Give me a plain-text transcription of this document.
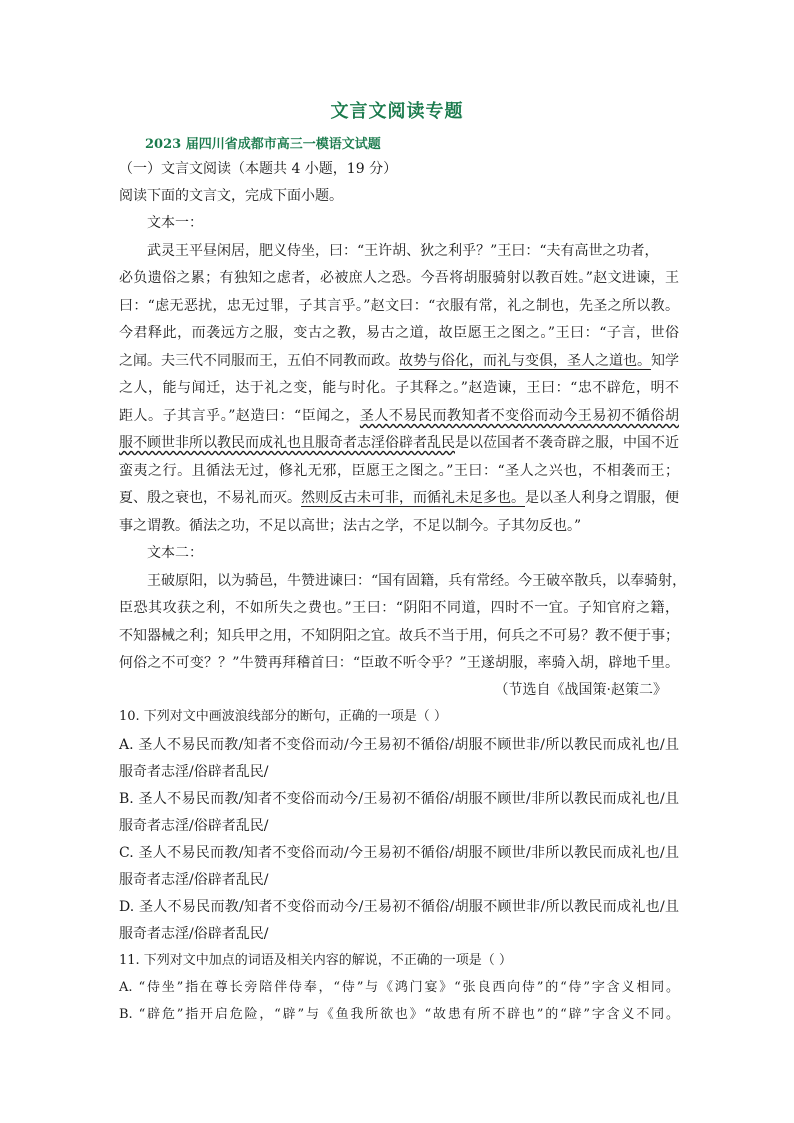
文言文阅读专题
2023 届四川省成都市高三一模语文试题
（一）文言文阅读（本题共 4 小题，19 分）
阅读下面的文言文，完成下面小题。
文本一：
武灵王平昼闲居，肥义侍坐，曰：“王许胡、狄之利乎？”王曰：“夫有高世之功者，
必负遗俗之累；有独知之虑者，必被庶人之恐。今吾将胡服骑射以教百姓。”赵文进谏，王
曰：“虑无恶扰，忠无过罪，子其言乎。”赵文曰：“衣服有常，礼之制也，先圣之所以教。
今君释此，而袭远方之服，变古之教，易古之道，故臣愿王之图之。”王曰：“子言，世俗
之闻。夫三代不同服而王，五伯不同教而政。故势与俗化，而礼与变俱，圣人之道也。知学
之人，能与闻迁，达于礼之变，能与时化。子其释之。”赵造谏，王曰：“忠不辟危，明不
距人。子其言乎。”赵造曰：“臣闻之，圣人不易民而教知者不变俗而动今王易初不循俗胡
服不顾世非所以教民而成礼也且服奇者志淫俗辟者乱民是以莅国者不袭奇辟之服，中国不近
蛮夷之行。且循法无过，修礼无邪，臣愿王之图之。”王曰：“圣人之兴也，不相袭而王；
夏、殷之衰也，不易礼而灭。然则反古未可非，而循礼未足多也。是以圣人利身之谓服，便
事之谓教。循法之功，不足以高世；法古之学，不足以制今。子其勿反也。”
文本二：
王破原阳，以为骑邑，牛赞进谏曰：“国有固籍，兵有常经。今王破卒散兵，以奉骑射，
臣恐其攻获之利，不如所失之费也。”王曰：“阴阳不同道，四时不一宜。子知官府之籍，
不知器械之利；知兵甲之用，不知阴阳之宜。故兵不当于用，何兵之不可易？教不便于事；
何俗之不可变？？”牛赞再拜稽首曰：“臣敢不听令乎？”王遂胡服，率骑入胡，辟地千里。
（节选自《战国策·赵策二》
10. 下列对文中画波浪线部分的断句，正确的一项是（ ）
A. 圣人不易民而教/知者不变俗而动/今王易初不循俗/胡服不顾世非/所以教民而成礼也/且
服奇者志淫/俗辟者乱民/
B. 圣人不易民而教/知者不变俗而动今/王易初不循俗/胡服不顾世/非所以教民而成礼也/且
服奇者志淫/俗辟者乱民/
C. 圣人不易民而教/知者不变俗而动/今王易初不循俗/胡服不顾世/非所以教民而成礼也/且
服奇者志淫/俗辟者乱民/
D. 圣人不易民而教/知者不变俗而动今/王易初不循俗/胡服不顾世非/所以教民而成礼也/且
服奇者志淫/俗辟者乱民/
11. 下列对文中加点的词语及相关内容的解说，不正确的一项是（ ）
A. “侍坐”指在尊长旁陪伴侍奉，“侍”与《鸿门宴》“张良西向侍”的“侍”字含义相同。
B. “辟危”指开启危险，“辟”与《鱼我所欲也》“故患有所不辟也”的“辟”字含义不同。
